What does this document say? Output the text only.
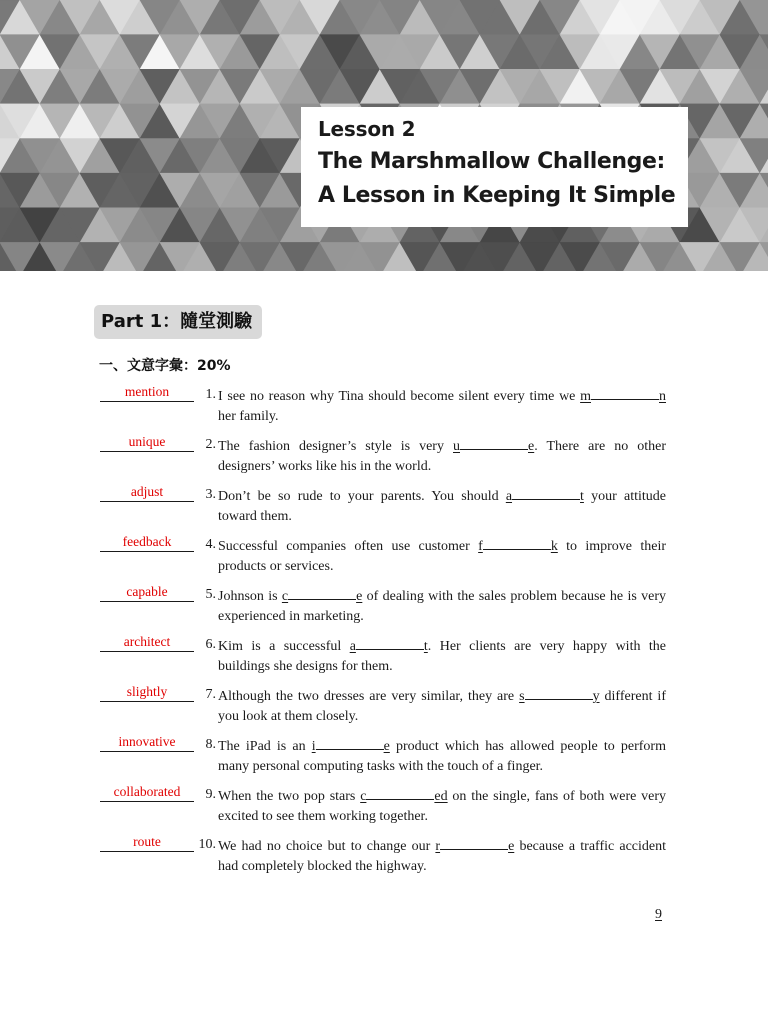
Lesson 2
The Marshmallow Challenge:
A Lesson in Keeping It Simple
Part 1：隨堂測驗
一、文意字彙：20%
mention	1. I see no reason why Tina should become silent every time we m	n her family.
unique	2. The fashion designer’s style is very u	e. There are no other designers’ works like his in the world.
adjust	3. Don’t be so rude to your parents. You should a	t your attitude toward them.
feedback	4. Successful companies often use customer f	k to improve their products or services.
capable	5. Johnson is c	e of dealing with the sales problem because he is very experienced in marketing.
architect	6. Kim is a successful a	t. Her clients are very happy with the buildings she designs for them.
slightly	7. Although the two dresses are very similar, they are s	y different if you look at them closely.
innovative	8. The iPad is an i	e product which has allowed people to perform many personal computing tasks with the touch of a finger.
collaborated	9. When the two pop stars c	ed on the single, fans of both were very excited to see them working together.
route	10. We had no choice but to change our r	e because a traffic accident had completely blocked the highway.
9
